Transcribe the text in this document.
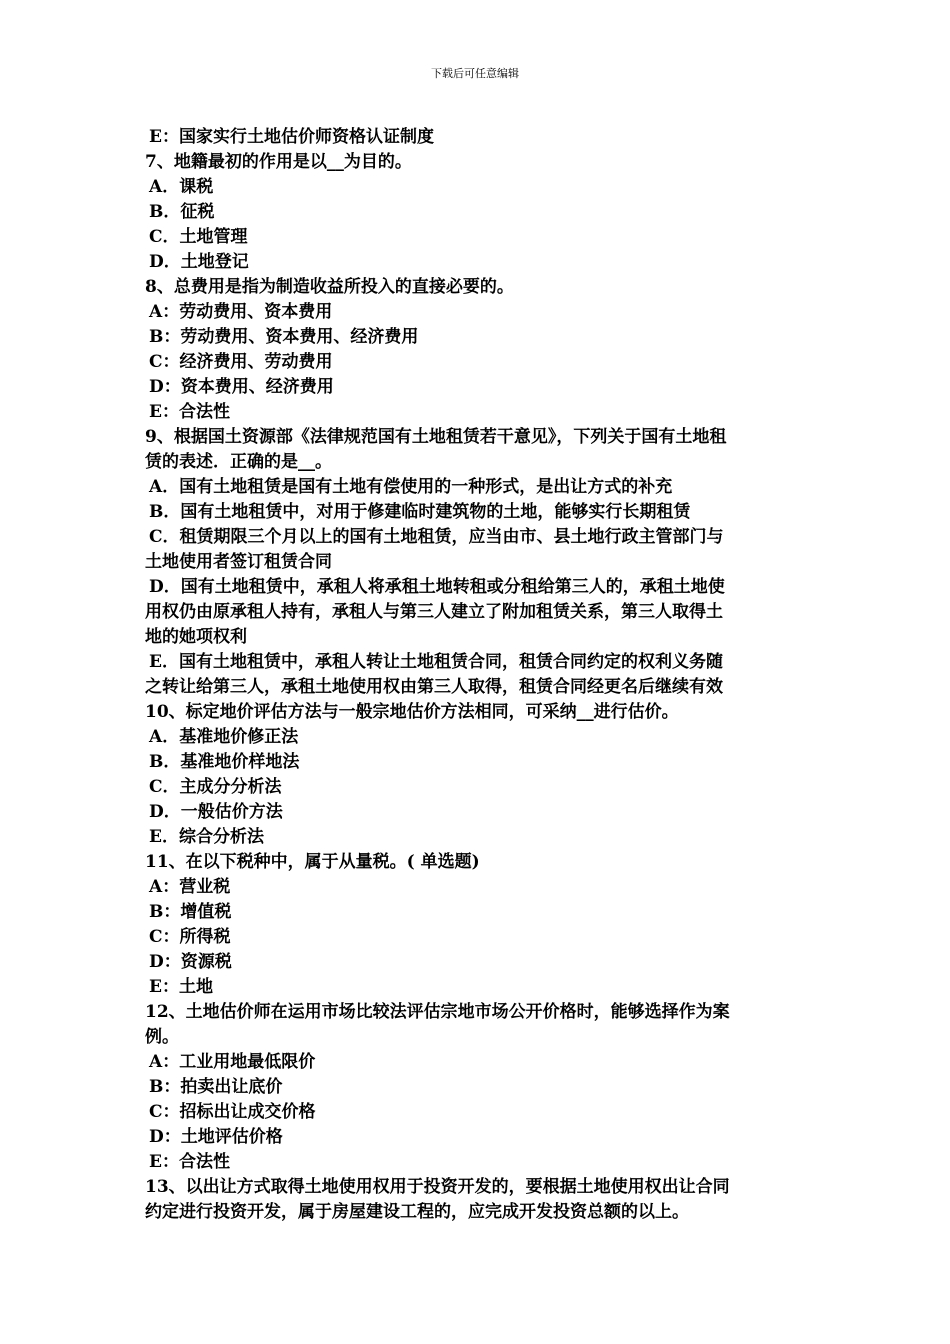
下载后可任意编辑
E：国家实行土地估价师资格认证制度
7、地籍最初的作用是以__为目的。
A．课税
B．征税
C．土地管理
D．土地登记
8、总费用是指为制造收益所投入的直接必要的。
A：劳动费用、资本费用
B：劳动费用、资本费用、经济费用
C：经济费用、劳动费用
D：资本费用、经济费用
E：合法性
9、根据国土资源部《法律规范国有土地租赁若干意见》，下列关于国有土地租
赁的表述．正确的是__。
A．国有土地租赁是国有土地有偿使用的一种形式，是出让方式的补充
B．国有土地租赁中，对用于修建临时建筑物的土地，能够实行长期租赁
C．租赁期限三个月以上的国有土地租赁，应当由市、县土地行政主管部门与
土地使用者签订租赁合同
D．国有土地租赁中，承租人将承租土地转租或分租给第三人的，承租土地使
用权仍由原承租人持有，承租人与第三人建立了附加租赁关系，第三人取得土
地的她项权利
E．国有土地租赁中，承租人转让土地租赁合同，租赁合同约定的权利义务随
之转让给第三人，承租土地使用权由第三人取得，租赁合同经更名后继续有效
10、标定地价评估方法与一般宗地估价方法相同，可采纳__进行估价。
A．基准地价修正法
B．基准地价样地法
C．主成分分析法
D．一般估价方法
E．综合分析法
11、在以下税种中，属于从量税。( 单选题)
A：营业税
B：增值税
C：所得税
D：资源税
E：土地
12、土地估价师在运用市场比较法评估宗地市场公开价格时，能够选择作为案
例。
A：工业用地最低限价
B：拍卖出让底价
C：招标出让成交价格
D：土地评估价格
E：合法性
13、以出让方式取得土地使用权用于投资开发的，要根据土地使用权出让合同
约定进行投资开发，属于房屋建设工程的，应完成开发投资总额的以上。
